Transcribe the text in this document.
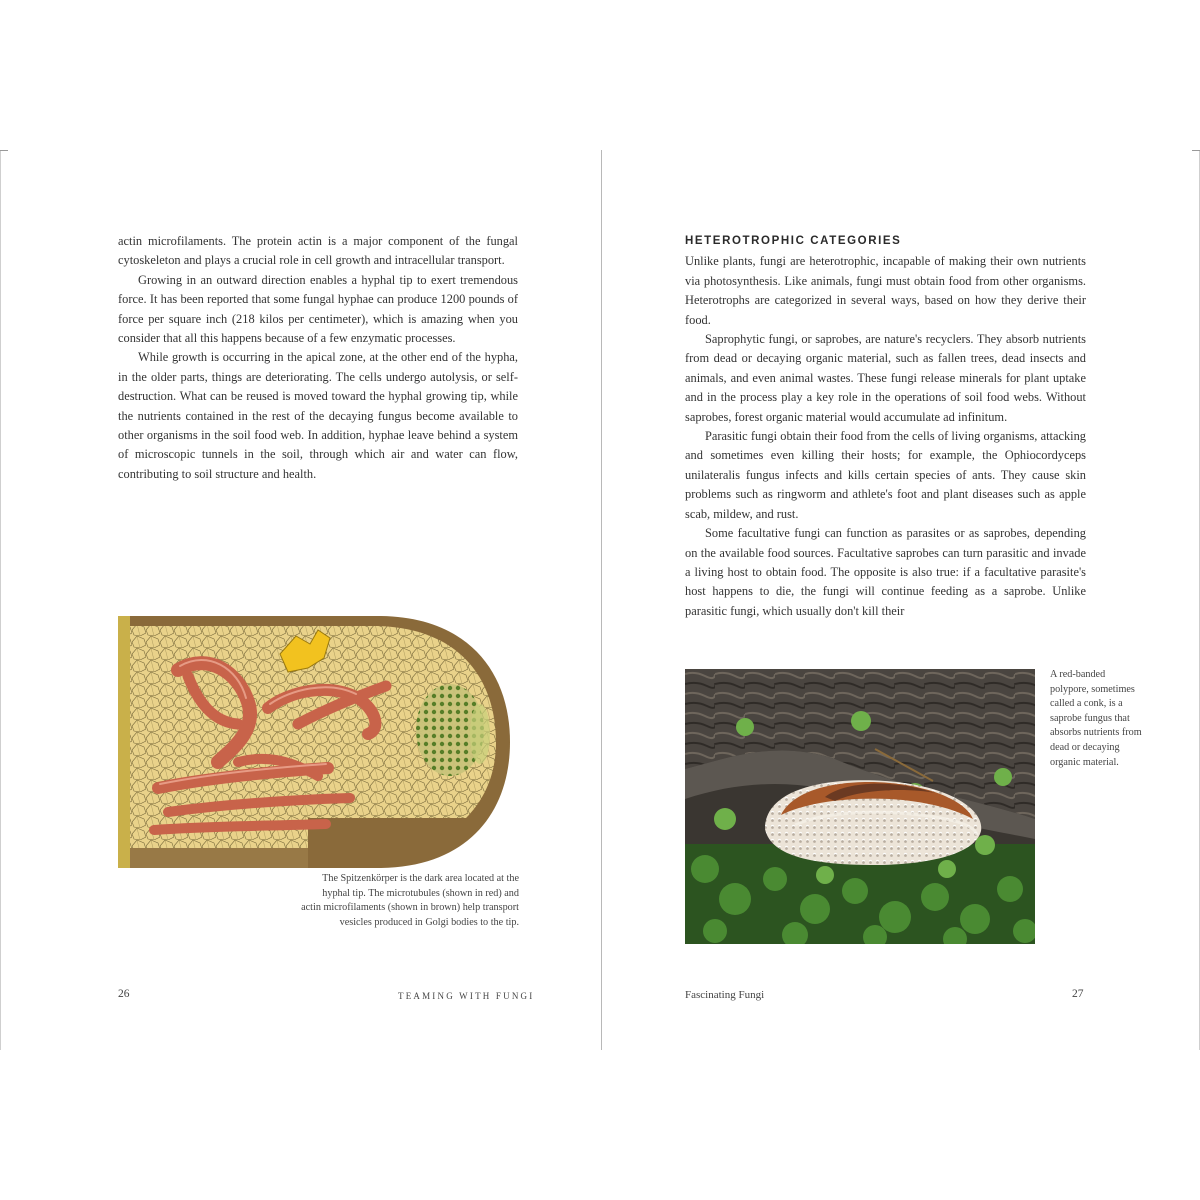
actin microfilaments. The protein actin is a major component of the fungal cytoskeleton and plays a crucial role in cell growth and intracellular transport.

Growing in an outward direction enables a hyphal tip to exert tremendous force. It has been reported that some fungal hyphae can produce 1200 pounds of force per square inch (218 kilos per centimeter), which is amazing when you consider that all this happens because of a few enzymatic processes.

While growth is occurring in the apical zone, at the other end of the hypha, in the older parts, things are deteriorating. The cells undergo autolysis, or self-destruction. What can be reused is moved toward the hyphal growing tip, while the nutrients contained in the rest of the decaying fungus become available to other organisms in the soil food web. In addition, hyphae leave behind a system of microscopic tunnels in the soil, through which air and water can flow, contributing to soil structure and health.

The Spitzenkörper is the dark area located at the hyphal tip. The microtubules (shown in red) and actin microfilaments (shown in brown) help transport vesicles produced in Golgi bodies to the tip.
26	TEAMING WITH FUNGI
HETEROTROPHIC CATEGORIES

Unlike plants, fungi are heterotrophic, incapable of making their own nutrients via photosynthesis. Like animals, fungi must obtain food from other organisms. Heterotrophs are categorized in several ways, based on how they derive their food.

Saprophytic fungi, or saprobes, are nature's recyclers. They absorb nutrients from dead or decaying organic material, such as fallen trees, dead insects and animals, and even animal wastes. These fungi release minerals for plant uptake and in the process play a key role in the operations of soil food webs. Without saprobes, forest organic material would accumulate ad infinitum.

Parasitic fungi obtain their food from the cells of living organisms, attacking and sometimes even killing their hosts; for example, the Ophiocordyceps unilateralis fungus infects and kills certain species of ants. They cause skin problems such as ringworm and athlete's foot and plant diseases such as apple scab, mildew, and rust.

Some facultative fungi can function as parasites or as saprobes, depending on the available food sources. Facultative saprobes can turn parasitic and invade a living host to obtain food. The opposite is also true: if a facultative parasite's host happens to die, the fungi will continue feeding as a saprobe. Unlike parasitic fungi, which usually don't kill their

A red-banded polypore, sometimes called a conk, is a saprobe fungus that absorbs nutrients from dead or decaying organic material.
Fascinating Fungi	27
